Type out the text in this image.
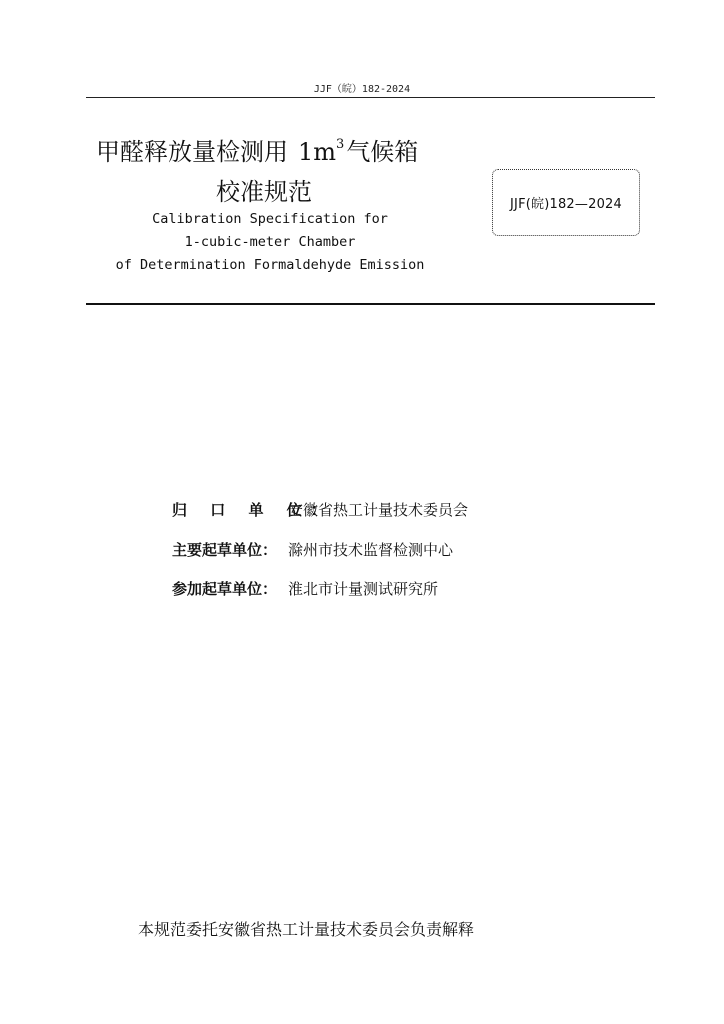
JJF（皖）182-2024
甲醛释放量检测用 $1m^3$气候箱
校准规范
Calibration Specification for
1-cubic-meter Chamber
of Determination Formaldehyde Emission
JJF(皖)182—2024
归 口 单 位：安徽省热工计量技术委员会
主要起草单位： 滁州市技术监督检测中心
参加起草单位： 淮北市计量测试研究所
本规范委托安徽省热工计量技术委员会负责解释
